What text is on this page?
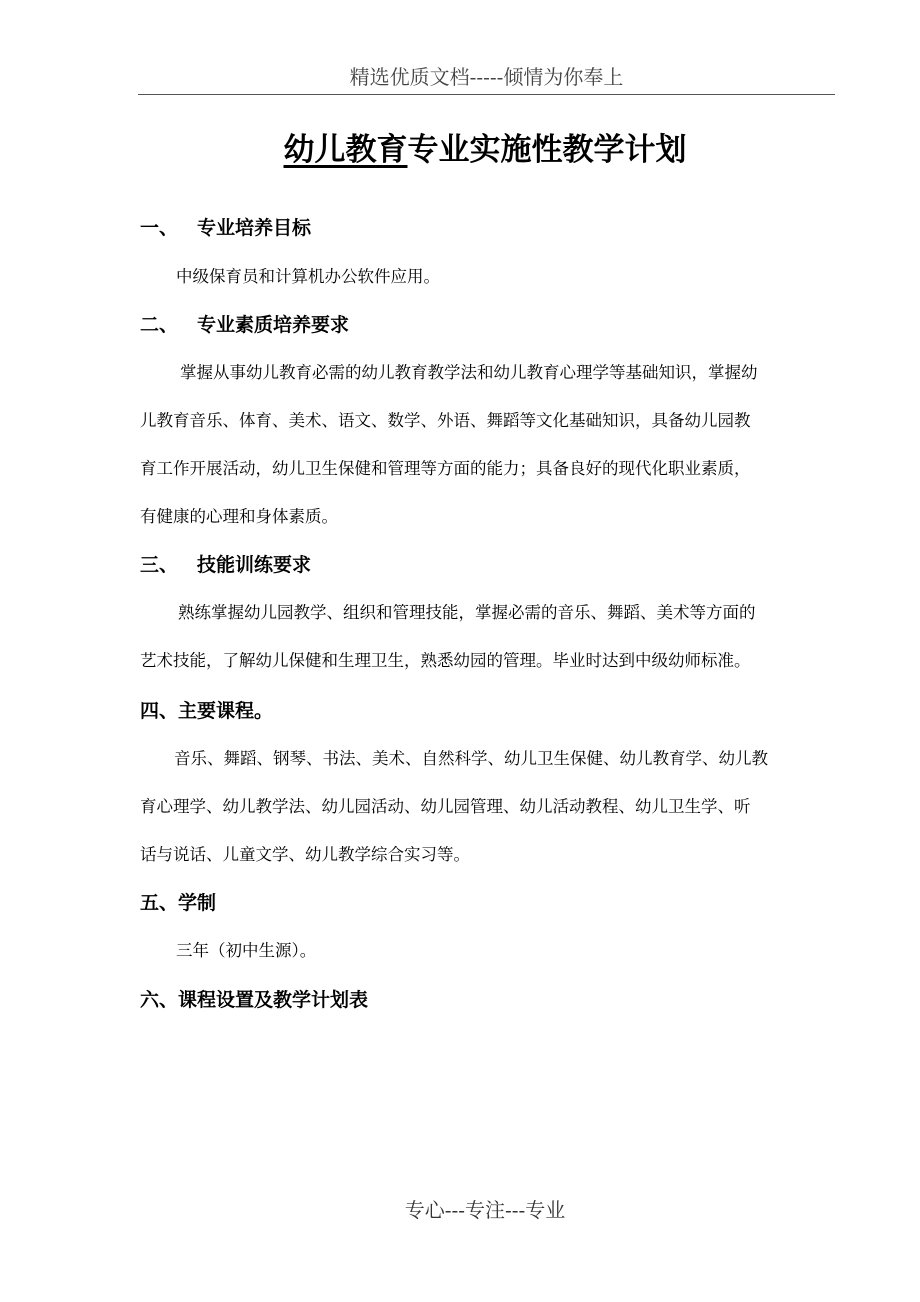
精选优质文档-----倾情为你奉上
幼儿教育专业实施性教学计划
一、 专业培养目标
中级保育员和计算机办公软件应用。
二、 专业素质培养要求
掌握从事幼儿教育必需的幼儿教育教学法和幼儿教育心理学等基础知识，掌握幼
儿教育音乐、体育、美术、语文、数学、外语、舞蹈等文化基础知识，具备幼儿园教
育工作开展活动，幼儿卫生保健和管理等方面的能力；具备良好的现代化职业素质，
有健康的心理和身体素质。
三、 技能训练要求
熟练掌握幼儿园教学、组织和管理技能，掌握必需的音乐、舞蹈、美术等方面的
艺术技能，了解幼儿保健和生理卫生，熟悉幼园的管理。毕业时达到中级幼师标准。
四、主要课程。
音乐、舞蹈、钢琴、书法、美术、自然科学、幼儿卫生保健、幼儿教育学、幼儿教
育心理学、幼儿教学法、幼儿园活动、幼儿园管理、幼儿活动教程、幼儿卫生学、听
话与说话、儿童文学、幼儿教学综合实习等。
五、学制
三年（初中生源）。
六、课程设置及教学计划表
专心---专注---专业
